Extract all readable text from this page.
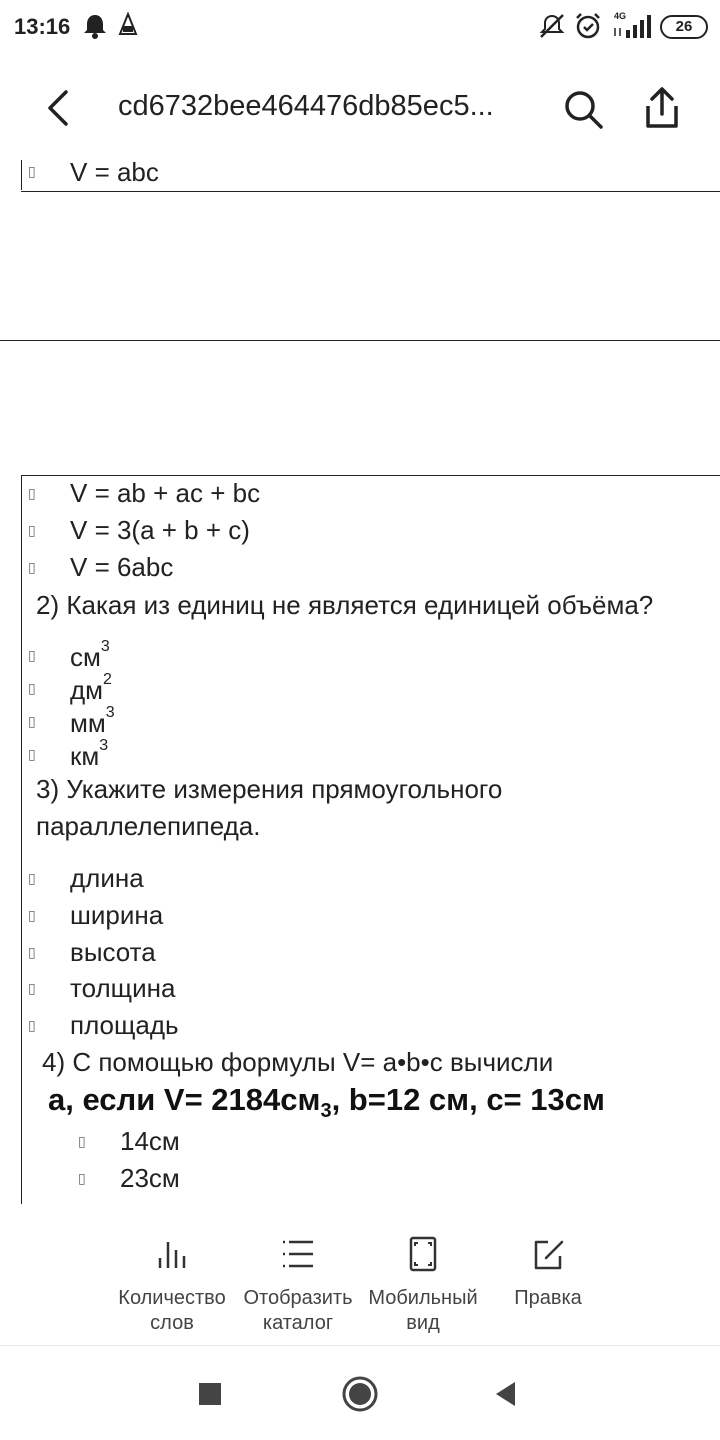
13:16	4G
26
cd6732bee464476db85ec5...
▯ V = abc
▯ V = ab + ac + bc
▯ V = 3(a + b + c)
▯ V = 6abc
2) Какая из единиц не является единицей объёма?
▯ $см^3$
▯ $дм^2$
▯ $мм^3$
▯ $км^3$
3) Укажите измерения прямоугольного
параллелепипеда.
▯ длина
▯ ширина
▯ высота
▯ толщина
▯ площадь
4) С помощью формулы V= a•b•c вычисли
а, если $V= 2184см_3$, b=12 см, c= 13см
▯ 14см
▯ 23см
Количество
слов
Отобразить
каталог
Мобильный
вид
Правка
